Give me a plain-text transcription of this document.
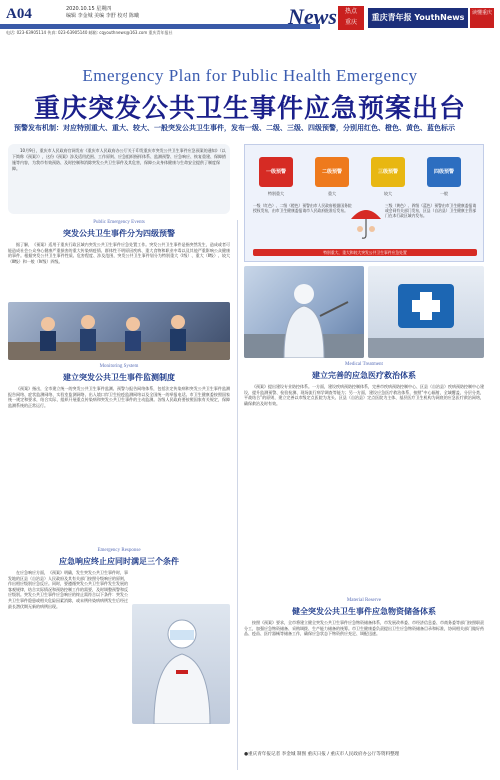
A04	2020.10.15 星期四
编辑 李金城 美编 李舒 校对 陈曦
电话: 023-63905114 传真: 023-63905140 邮箱: cqyouthnews@163.com 重庆青年报社
News	热点
重庆
重庆青年报 YouthNews	读懂重庆
Emergency Plan for Public Health Emergency
重庆突发公共卫生事件应急预案出台
预警发布机制：对应特别重大、重大、较大、一般突发公共卫生事件，发布一级、二级、三级、四级预警，分别用红色、橙色、黄色、蓝色标示
10月9日，重庆市人民政府官网发布《重庆市人民政府办公厅关于印发重庆市突发公共卫生事件应急预案的通知》（以下简称《预案》），这份《预案》涉及适用范围、工作原则、应急组织指挥体系、监测预警、应急响应、恢复重建、保障措施等内容，为我市有效预防、及时控制和消除突发公共卫生事件及其危害，保障公众身体健康与生命安全提供了制度保障。
一级预警	二级预警	三级预警	四级预警
特别重大	重大	较大	一般
一级（红色）、二级（橙色）预警由市人民政府根据国务院授权发布，由市卫生健康委报请市人民政府批准后发布。
三级（黄色）、四级（蓝色）预警由市卫生健康委报请或会同有关部门发布，区县（自治县）卫生健康主管部门在本行政区域内发布。
特别重大、重大和较大突发公共卫生事件应急处置
Public Emergency Events
突发公共卫生事件分为四级预警

据了解，《预案》适用于重庆行政区域内突发公共卫生事件应急处置工作。突发公共卫生事件是指突然发生，造成或者可能造成社会公众身心健康严重损害的重大传染病疫情、群体性不明原因疾病、重大食物和职业中毒以及其他严重影响公众健康的事件。根据突发公共卫生事件性质、危害程度、涉及范围，突发公共卫生事件划分为特别重大（Ⅰ级）、重大（Ⅱ级）、较大（Ⅲ级）和一般（Ⅳ级）四级。

Monitoring System
建立突发公共卫生事件监测制度

《预案》指出，全市建立统一的突发公共卫生事件监测、预警与报告网络体系，包括法定传染病和突发公共卫生事件监测报告网络、症状监测网络、实验室监测网络、出入境口岸卫生检疫监测网络以及全国统一的举报电话。市卫生健康委按照国家统一规定和要求，结合实际，组织开展重点传染病和突发公共卫生事件的主动监测。各级人民政府要按照国家有关规定，保障监测系统的正常运行。

Emergency Response
应急响应终止应同时满足三个条件

在应急响应方面，《预案》明确，发生突发公共卫生事件时，事发地的区县（自治县）人民政府及其有关部门按照分级响应的原则，作出相应级别应急反应。同时，要遵循突发公共卫生事件发生发展的客观规律，结合实际情况和预防控制工作的需要，及时调整预警和反应级别。突发公共卫生事件应急响应的终止需符合以下条件：突发公共卫生事件隐患或相关危险因素消除，或末例传染病病例发生后经过最长潜伏期无新的病例出现。

Medical Treatment
建立完善的应急医疗救治体系

《预案》提出建设专业防控体系。一方面，建设疾病预防控制体系，完善市疾病预防控制中心、区县（自治县）疾病预防控制中心建设，提升监测预警、检验检测、现场流行病学调查等能力；另一方面，建设应急医疗救治体系，按照“中心辐射，全域覆盖，分层分类，平战结合”的原则，建立完善以市级定点医院为龙头、区县（自治县）定点医院为主体、基层医疗卫生机构为网底的应急医疗救治网络，确保救治及时有效。

Material Reserve
健全突发公共卫生事件应急物资储备体系

按照《预案》要求，全市将建立健全突发公共卫生事件应急物资储备体系，市发展改革委、市经济信息委、市商务委等部门按照职责分工，加强应急物资储备、采购调拨、生产能力储备的统筹。市卫生健康委负责提出卫生应急物资储备目录和标准，协同相关部门做好药品、疫苗、医疗器械等储备工作，确保应急状态下物资供应充足、调配迅速。

●重庆青年报记者 李金城 制图 重庆日报 / 重庆市人民政府办公厅等资料整理
